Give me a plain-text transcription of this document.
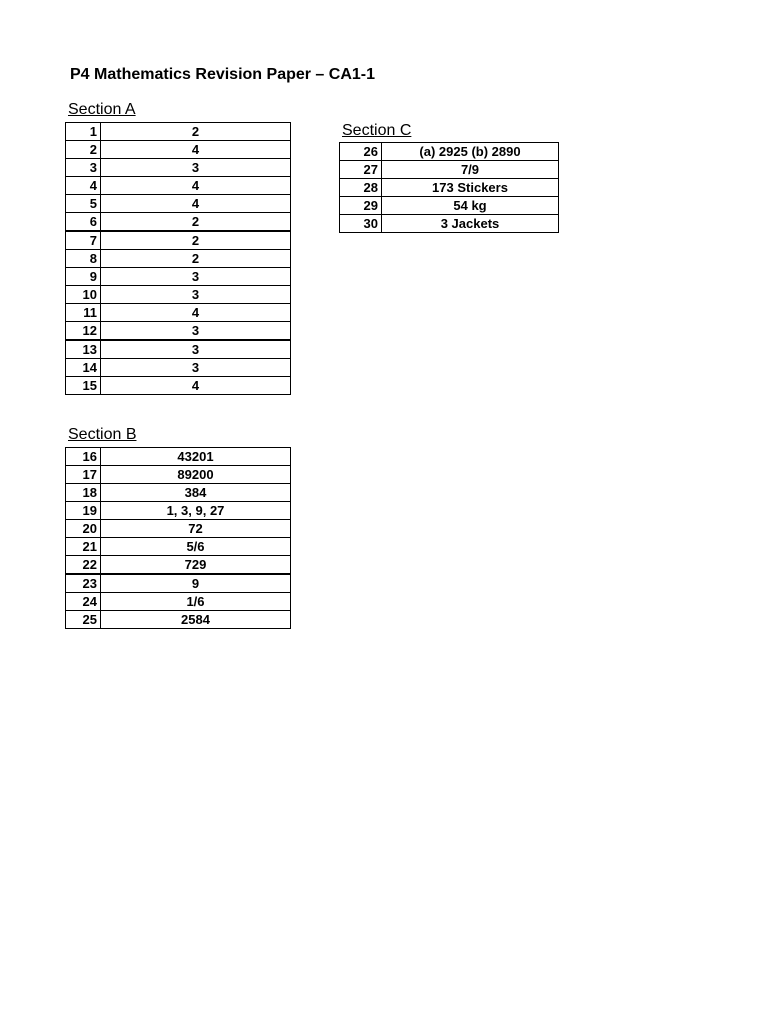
P4 Mathematics Revision Paper – CA1-1
Section A
1	2
2	4
3	3
4	4
5	4
6	2
7	2
8	2
9	3
10	3
11	4
12	3
13	3
14	3
15	4
Section B
16	43201
17	89200
18	384
19	1, 3, 9, 27
20	72
21	5/6
22	729
23	9
24	1/6
25	2584
Section C
26	(a) 2925 (b) 2890
27	7/9
28	173 Stickers
29	54 kg
30	3 Jackets
